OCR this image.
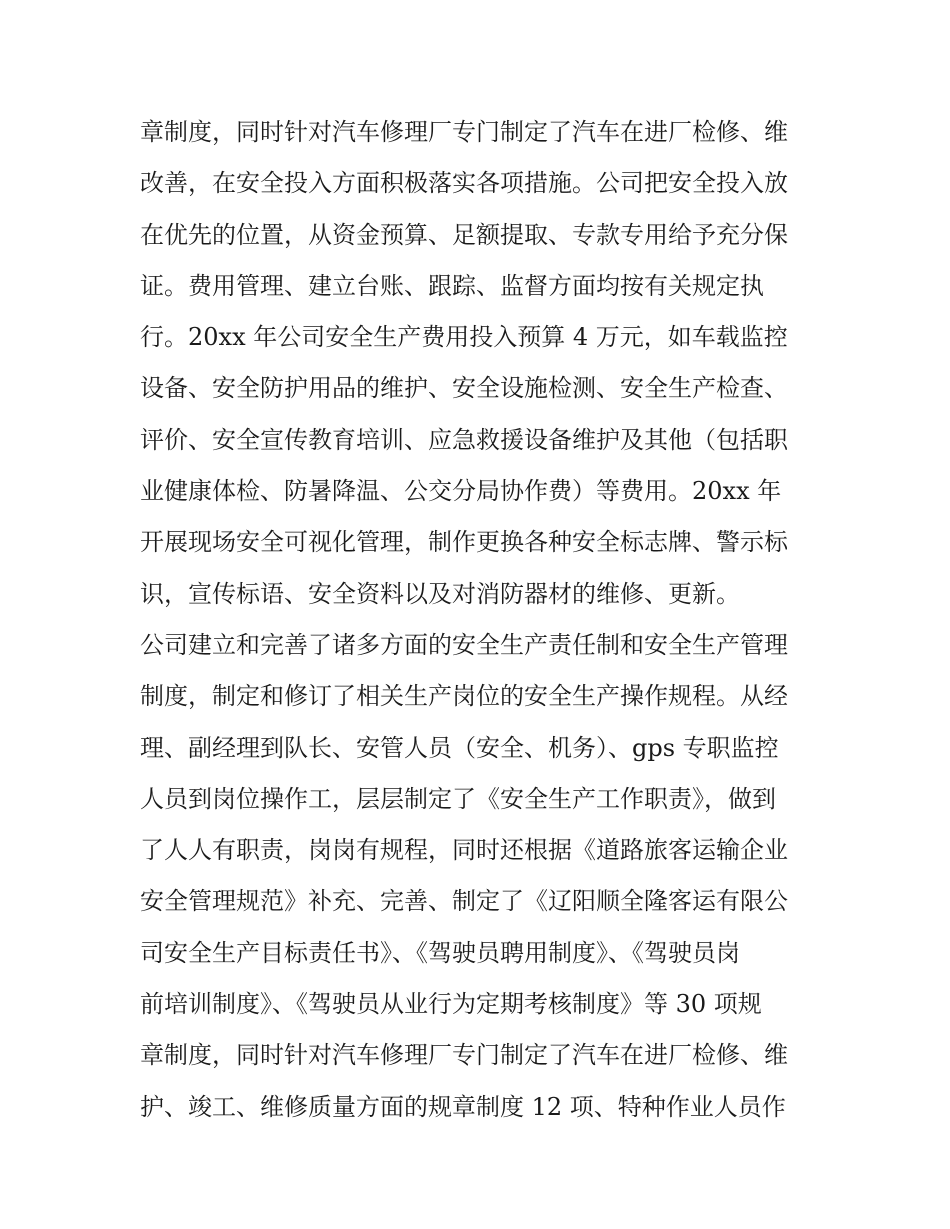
章制度，同时针对汽车修理厂专门制定了汽车在进厂检修、维
改善，在安全投入方面积极落实各项措施。公司把安全投入放
在优先的位置，从资金预算、足额提取、专款专用给予充分保
证。费用管理、建立台账、跟踪、监督方面均按有关规定执
行。20xx 年公司安全生产费用投入预算 4 万元，如车载监控
设备、安全防护用品的维护、安全设施检测、安全生产检查、
评价、安全宣传教育培训、应急救援设备维护及其他（包括职
业健康体检、防暑降温、公交分局协作费）等费用。20xx 年
开展现场安全可视化管理，制作更换各种安全标志牌、警示标
识，宣传标语、安全资料以及对消防器材的维修、更新。
公司建立和完善了诸多方面的安全生产责任制和安全生产管理
制度，制定和修订了相关生产岗位的安全生产操作规程。从经
理、副经理到队长、安管人员（安全、机务）、gps 专职监控
人员到岗位操作工，层层制定了《安全生产工作职责》，做到
了人人有职责，岗岗有规程，同时还根据《道路旅客运输企业
安全管理规范》补充、完善、制定了《辽阳顺全隆客运有限公
司安全生产目标责任书》、《驾驶员聘用制度》、《驾驶员岗
前培训制度》、《驾驶员从业行为定期考核制度》等 30 项规
章制度，同时针对汽车修理厂专门制定了汽车在进厂检修、维
护、竣工、维修质量方面的规章制度 12 项、特种作业人员作
